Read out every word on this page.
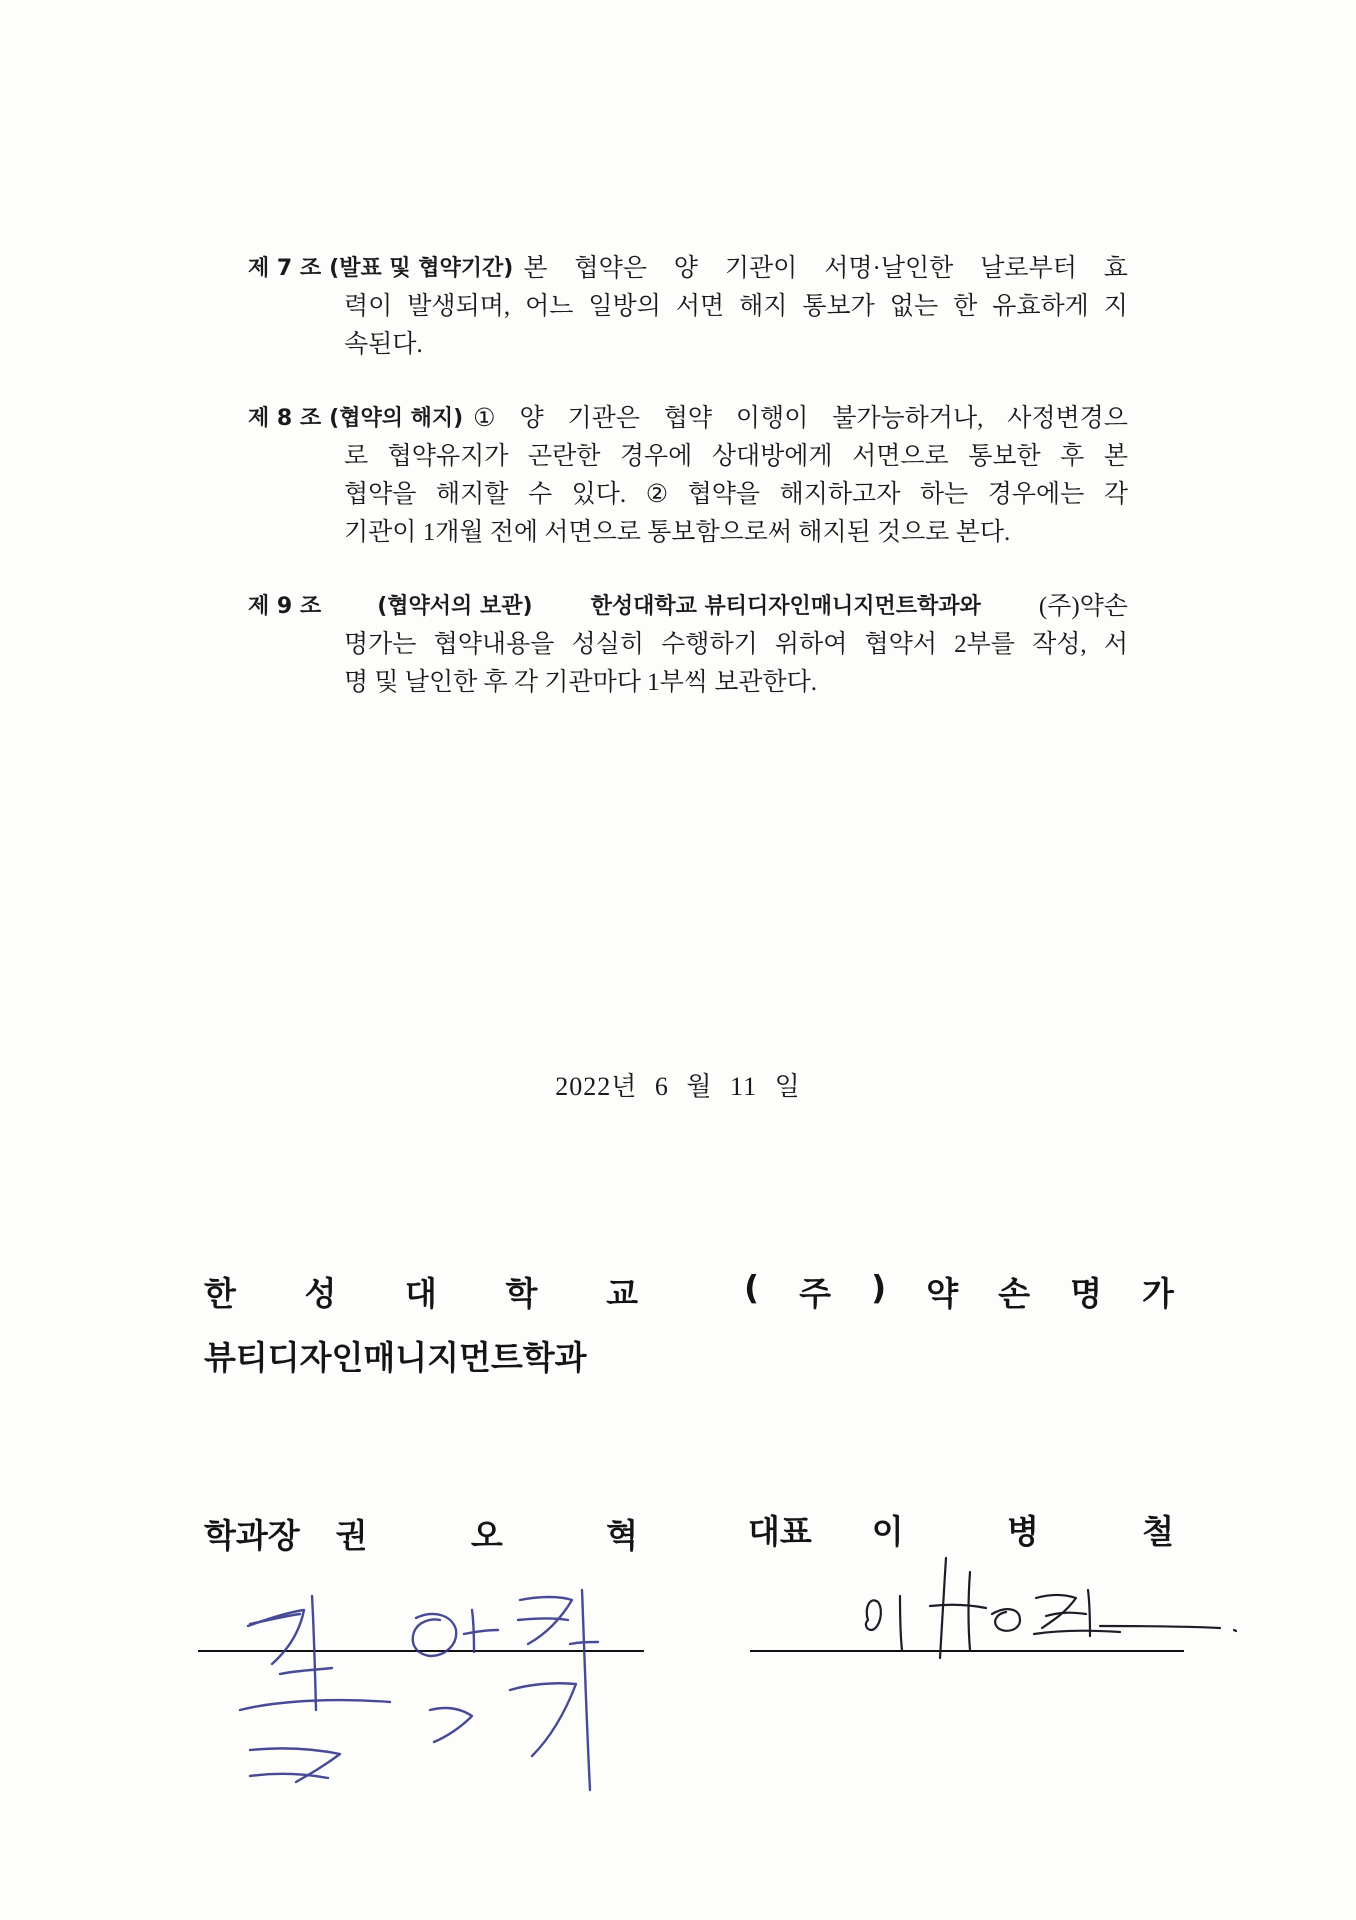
제 7 조 (발표 및 협약기간) 본 협약은 양 기관이 서명·날인한 날로부터 효
력이 발생되며, 어느 일방의 서면 해지 통보가 없는 한 유효하게 지
속된다.
제 8 조 (협약의 해지) ① 양 기관은 협약 이행이 불가능하거나, 사정변경으
로 협약유지가 곤란한 경우에 상대방에게 서면으로 통보한 후 본
협약을 해지할 수 있다. ② 협약을 해지하고자 하는 경우에는 각
기관이 1개월 전에 서면으로 통보함으로써 해지된 것으로 본다.
제 9 조	(협약서의 보관)	한성대학교 뷰티디자인매니지먼트학과와 (주)약손
명가는 협약내용을 성실히 수행하기 위하여 협약서 2부를 작성, 서
명 및 날인한 후 각 기관마다 1부씩 보관한다.
2022년 6 월 11 일
한 성 대 학 교
뷰티디자인매니지먼트학과
학과장 권	오	혁
( 주 ) 약 손 명 가
대표 이	병	철
